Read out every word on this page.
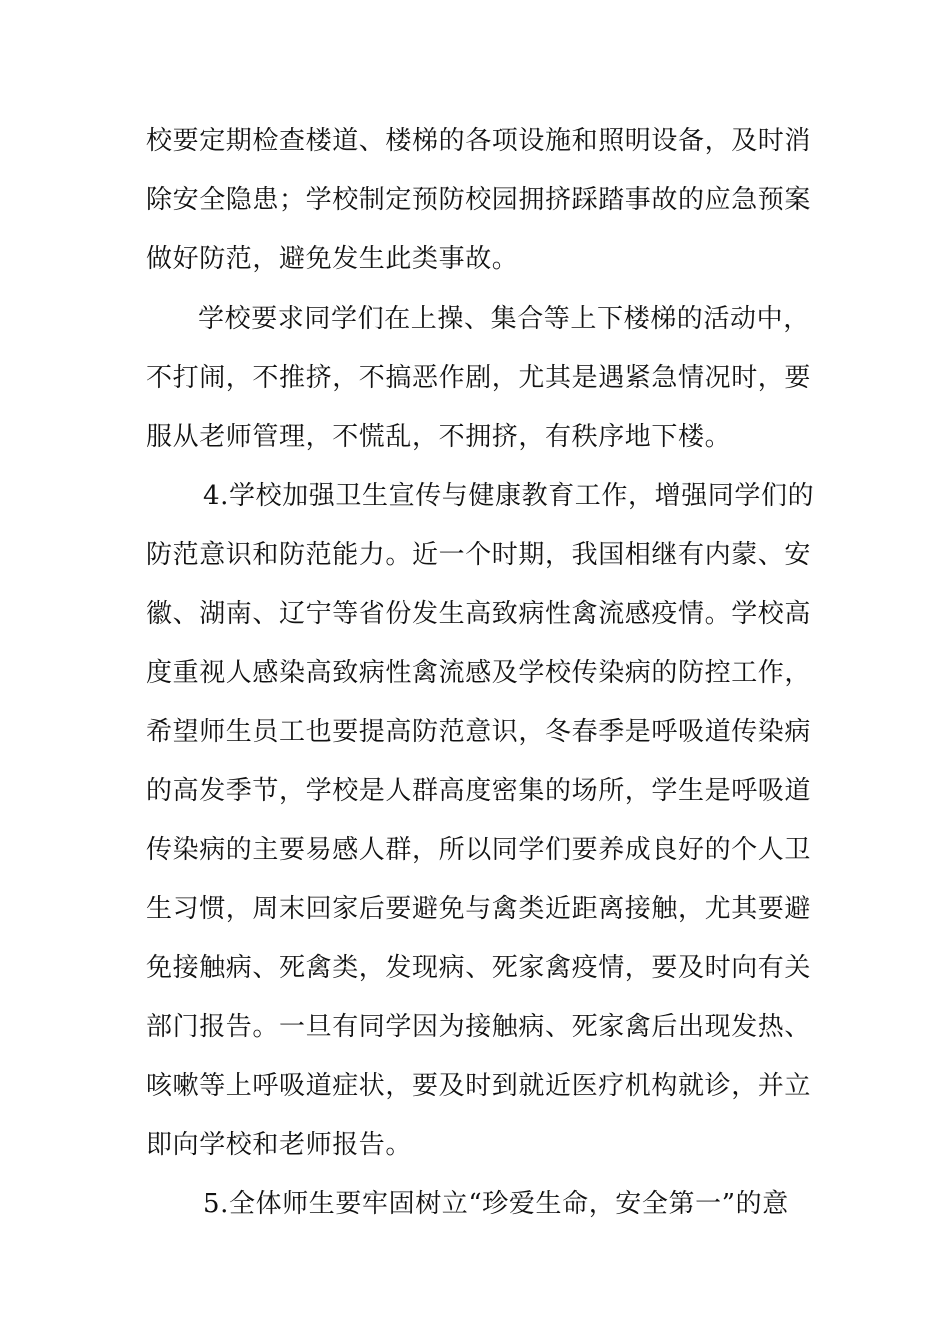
校要定期检查楼道、楼梯的各项设施和照明设备，及时消

除安全隐患；学校制定预防校园拥挤踩踏事故的应急预案

做好防范，避免发生此类事故。

学校要求同学们在上操、集合等上下楼梯的活动中，

不打闹，不推挤，不搞恶作剧，尤其是遇紧急情况时，要

服从老师管理，不慌乱，不拥挤，有秩序地下楼。

4.学校加强卫生宣传与健康教育工作，增强同学们的

防范意识和防范能力。近一个时期，我国相继有内蒙、安

徽、湖南、辽宁等省份发生高致病性禽流感疫情。学校高

度重视人感染高致病性禽流感及学校传染病的防控工作，

希望师生员工也要提高防范意识，冬春季是呼吸道传染病

的高发季节，学校是人群高度密集的场所，学生是呼吸道

传染病的主要易感人群，所以同学们要养成良好的个人卫

生习惯，周末回家后要避免与禽类近距离接触，尤其要避

免接触病、死禽类，发现病、死家禽疫情，要及时向有关

部门报告。一旦有同学因为接触病、死家禽后出现发热、

咳嗽等上呼吸道症状，要及时到就近医疗机构就诊，并立

即向学校和老师报告。

5.全体师生要牢固树立“珍爱生命，安全第一”的意
